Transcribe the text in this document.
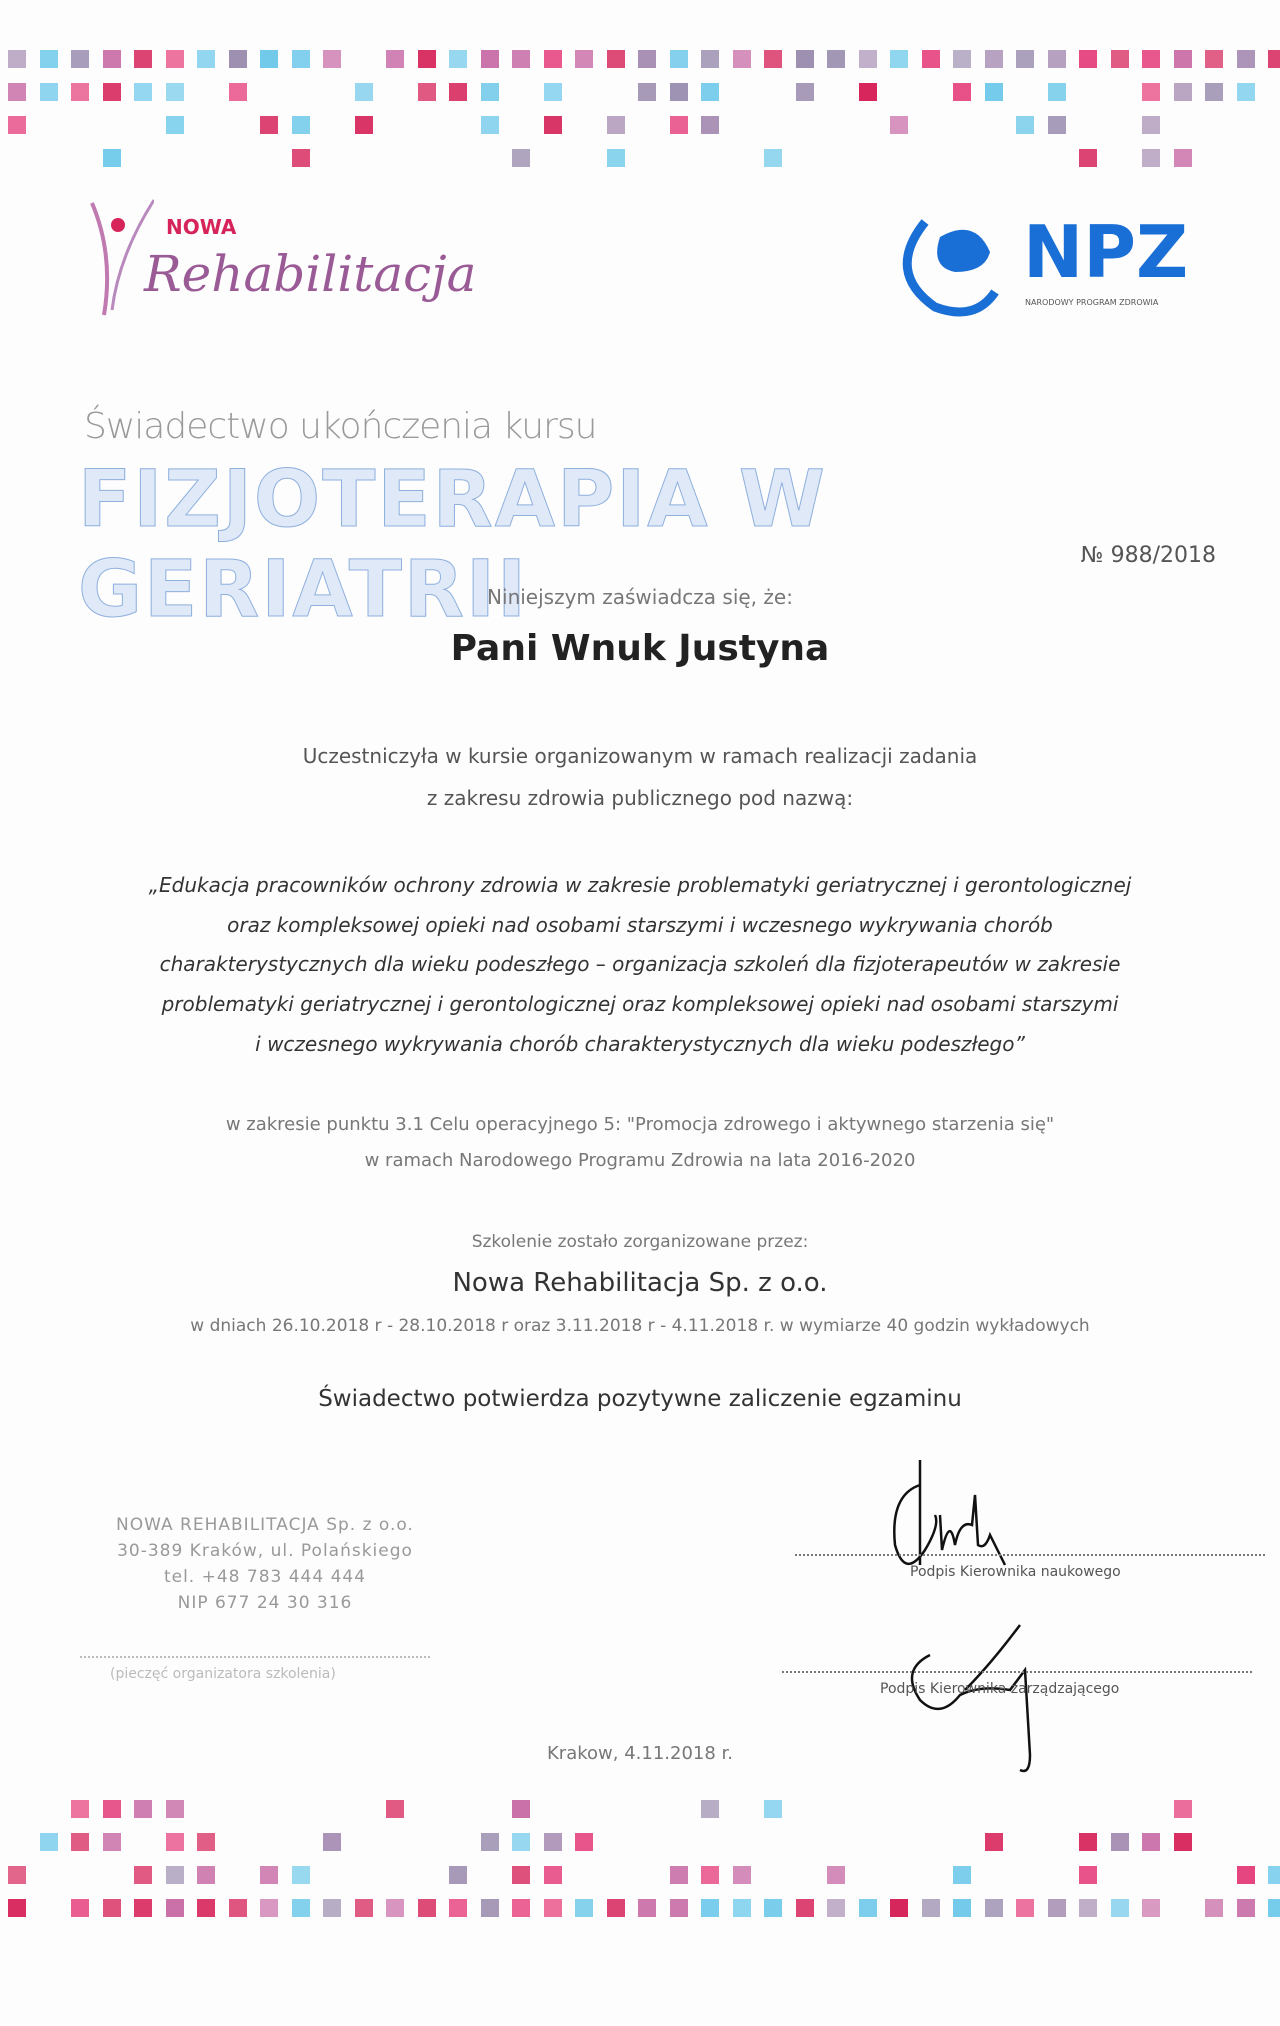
NOWA
Rehabilitacja	NPZ
NARODOWY PROGRAM ZDROWIA
Świadectwo ukończenia kursu
FIZJOTERAPIA W GERIATRII	№ 988/2018
Niniejszym zaświadcza się, że:
Pani Wnuk Justyna
Uczestniczyła w kursie organizowanym w ramach realizacji zadania
z zakresu zdrowia publicznego pod nazwą:
„Edukacja pracowników ochrony zdrowia w zakresie problematyki geriatrycznej i gerontologicznej
oraz kompleksowej opieki nad osobami starszymi i wczesnego wykrywania chorób
charakterystycznych dla wieku podeszłego – organizacja szkoleń dla fizjoterapeutów w zakresie
problematyki geriatrycznej i gerontologicznej oraz kompleksowej opieki nad osobami starszymi
i wczesnego wykrywania chorób charakterystycznych dla wieku podeszłego”
w zakresie punktu 3.1 Celu operacyjnego 5: "Promocja zdrowego i aktywnego starzenia się"
w ramach Narodowego Programu Zdrowia na lata 2016-2020
Szkolenie zostało zorganizowane przez:
Nowa Rehabilitacja Sp. z o.o.
w dniach 26.10.2018 r - 28.10.2018 r oraz 3.11.2018 r - 4.11.2018 r. w wymiarze 40 godzin wykładowych
Świadectwo potwierdza pozytywne zaliczenie egzaminu
NOWA REHABILITACJA Sp. z o.o.
30-389 Kraków, ul. Polańskiego
tel. +48 783 444 444
NIP 677 24 30 316
(pieczęć organizatora szkolenia)
Podpis Kierownika naukowego
Podpis Kierownika zarządzającego
Krakow, 4.11.2018 r.
